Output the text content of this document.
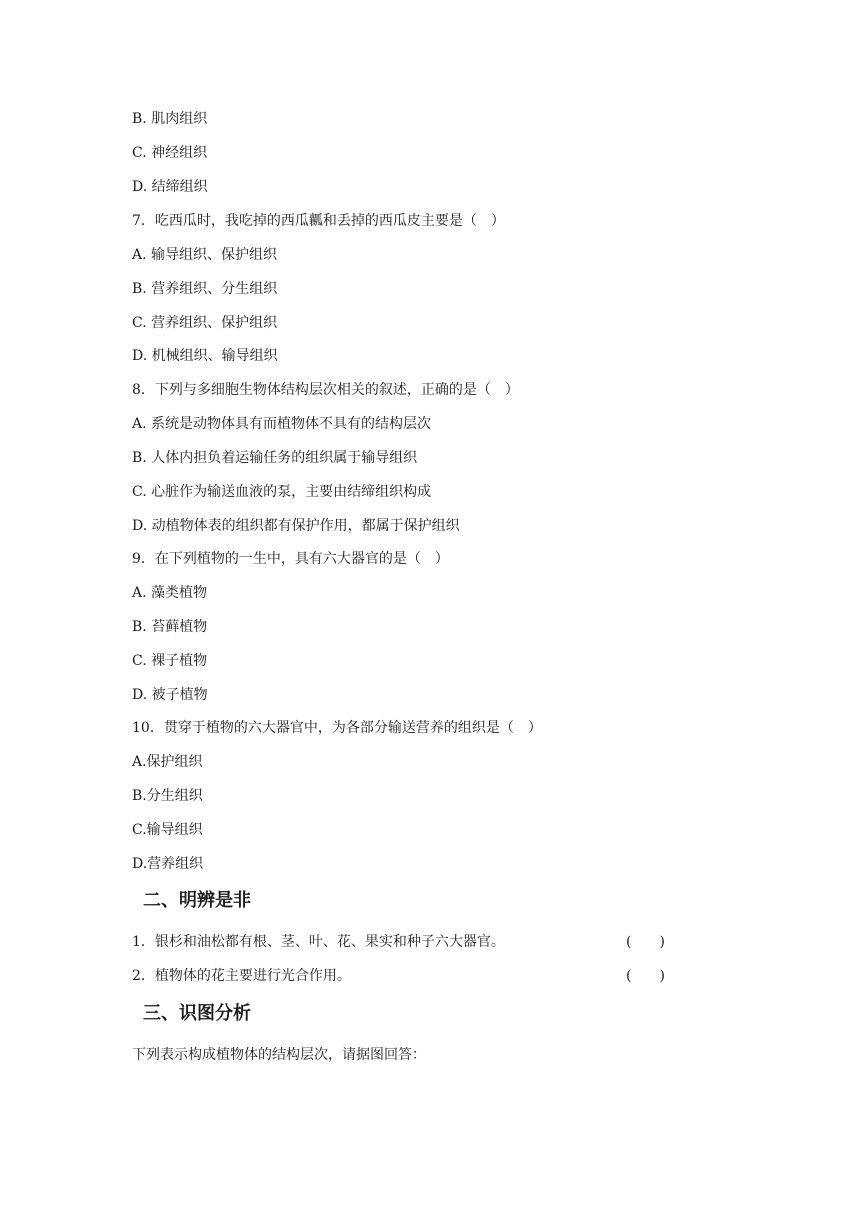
B. 肌肉组织
C. 神经组织
D. 结缔组织
7．吃西瓜时，我吃掉的西瓜瓤和丢掉的西瓜皮主要是（　）
A. 输导组织、保护组织
B. 营养组织、分生组织
C. 营养组织、保护组织
D. 机械组织、输导组织
8．下列与多细胞生物体结构层次相关的叙述，正确的是（　）
A. 系统是动物体具有而植物体不具有的结构层次
B. 人体内担负着运输任务的组织属于输导组织
C. 心脏作为输送血液的泵，主要由结缔组织构成
D. 动植物体表的组织都有保护作用，都属于保护组织
9．在下列植物的一生中，具有六大器官的是（　）
A. 藻类植物
B. 苔藓植物
C. 裸子植物
D. 被子植物
10．贯穿于植物的六大器官中，为各部分输送营养的组织是（　）
A.保护组织
B.分生组织
C.输导组织
D.营养组织
二、明辨是非
1．银杉和油松都有根、茎、叶、花、果实和种子六大器官。	(　　)
2．植物体的花主要进行光合作用。	(　　)
三、识图分析
下列表示构成植物体的结构层次，请据图回答：
